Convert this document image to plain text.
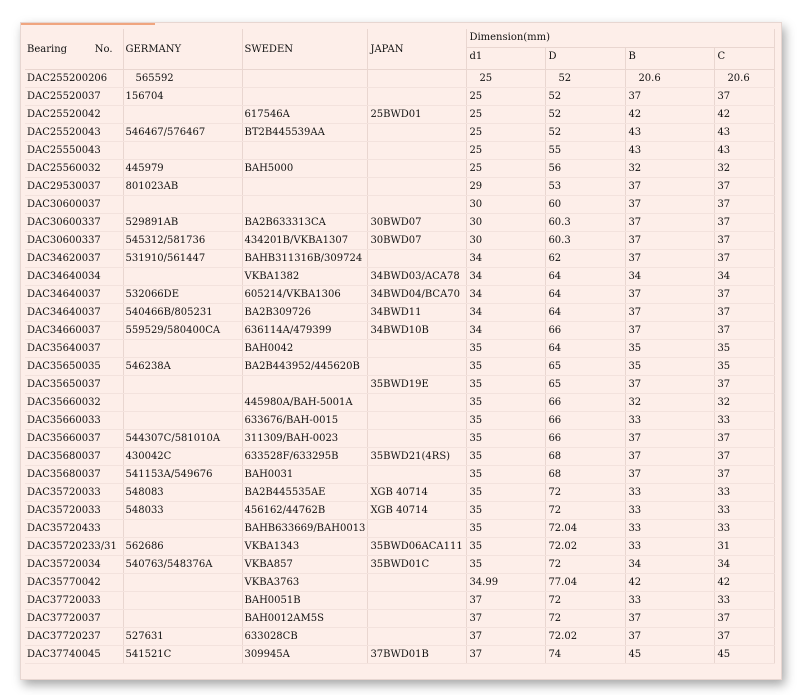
Bearing No.	GERMANY	SWEDEN	JAPAN	Dimension(mm)			
				d1	D	B	C
DAC255200206	565592			25	52	20.6	20.6
DAC25520037	156704			25	52	37	37
DAC25520042		617546A	25BWD01	25	52	42	42
DAC25520043	546467/576467	BT2B445539AA		25	52	43	43
DAC25550043				25	55	43	43
DAC25560032	445979	BAH5000		25	56	32	32
DAC29530037	801023AB			29	53	37	37
DAC30600037				30	60	37	37
DAC30600337	529891AB	BA2B633313CA	30BWD07	30	60.3	37	37
DAC30600337	545312/581736	434201B/VKBA1307	30BWD07	30	60.3	37	37
DAC34620037	531910/561447	BAHB311316B/309724		34	62	37	37
DAC34640034		VKBA1382	34BWD03/ACA78	34	64	34	34
DAC34640037	532066DE	605214/VKBA1306	34BWD04/BCA70	34	64	37	37
DAC34640037	540466B/805231	BA2B309726	34BWD11	34	64	37	37
DAC34660037	559529/580400CA	636114A/479399	34BWD10B	34	66	37	37
DAC35640037		BAH0042		35	64	35	35
DAC35650035	546238A	BA2B443952/445620B		35	65	35	35
DAC35650037			35BWD19E	35	65	37	37
DAC35660032		445980A/BAH-5001A		35	66	32	32
DAC35660033		633676/BAH-0015		35	66	33	33
DAC35660037	544307C/581010A	311309/BAH-0023		35	66	37	37
DAC35680037	430042C	633528F/633295B	35BWD21(4RS)	35	68	37	37
DAC35680037	541153A/549676	BAH0031		35	68	37	37
DAC35720033	548083	BA2B445535AE	XGB 40714	35	72	33	33
DAC35720033	548033	456162/44762B	XGB 40714	35	72	33	33
DAC35720433		BAHB633669/BAH0013		35	72.04	33	33
DAC35720233/31	562686	VKBA1343	35BWD06ACA111	35	72.02	33	31
DAC35720034	540763/548376A	VKBA857	35BWD01C	35	72	34	34
DAC35770042		VKBA3763		34.99	77.04	42	42
DAC37720033		BAH0051B		37	72	33	33
DAC37720037		BAH0012AM5S		37	72	37	37
DAC37720237	527631	633028CB		37	72.02	37	37
DAC37740045	541521C	309945A	37BWD01B	37	74	45	45
